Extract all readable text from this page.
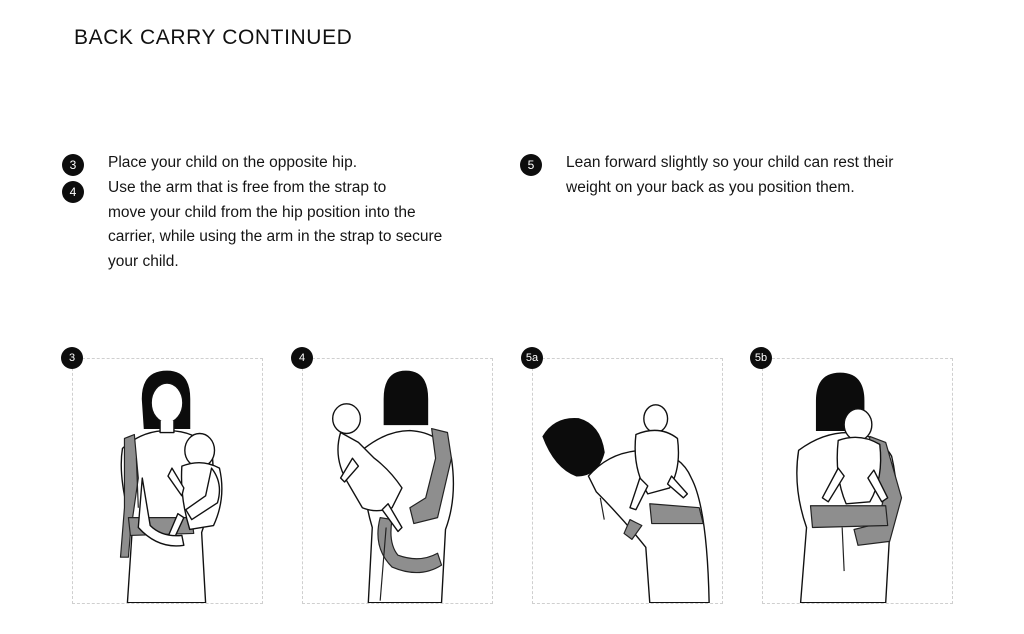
BACK CARRY CONTINUED
3	Place your child on the opposite hip.
4	Use the arm that is free from the strap to
move your child from the hip position into the
carrier, while using the arm in the strap to secure
your child.
5	Lean forward slightly so your child can rest their
weight on your back as you position them.
3	4	5a	5b
